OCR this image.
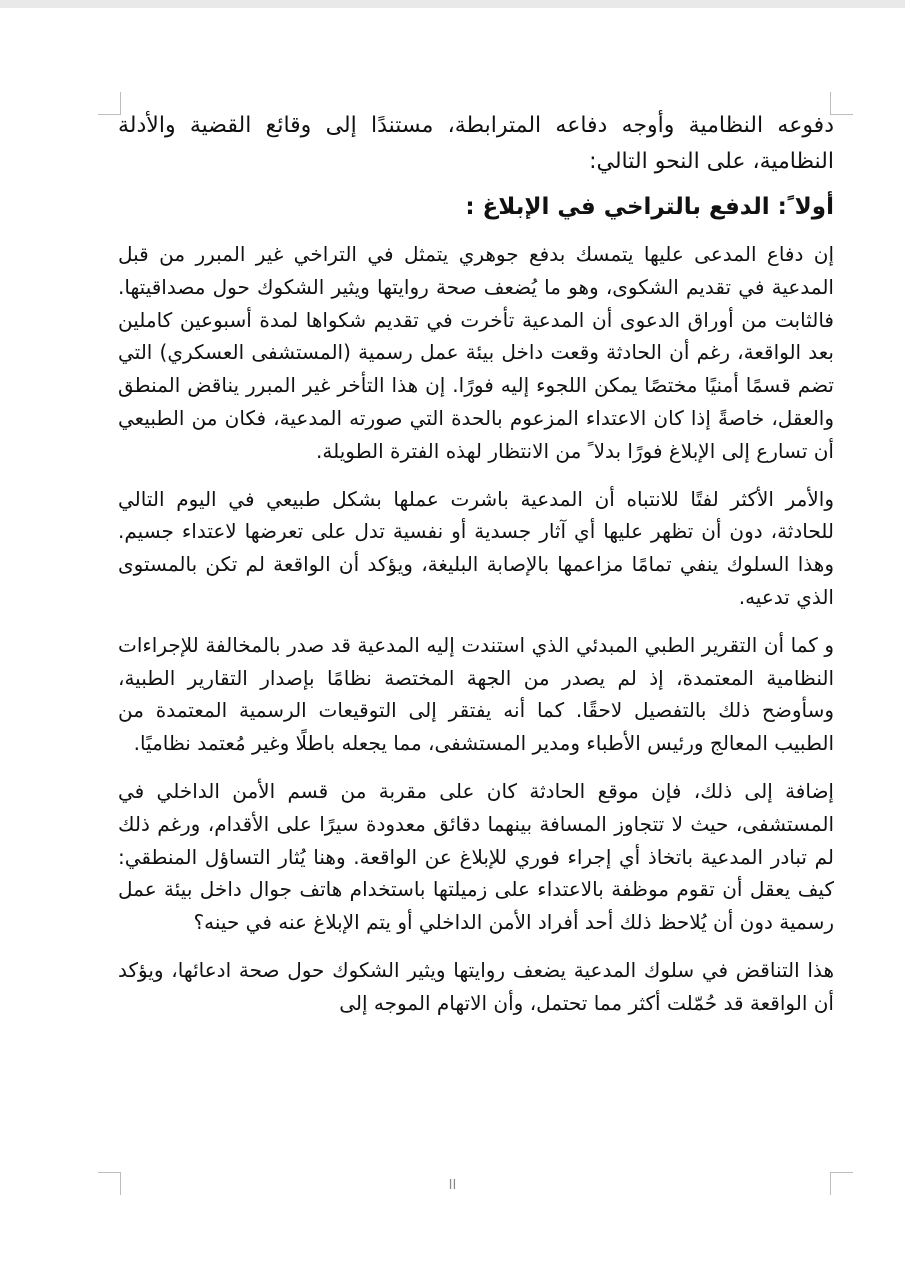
دفوعه النظامية وأوجه دفاعه المترابطة، مستندًا إلى وقائع القضية والأدلة النظامية، على النحو التالي:

أولا ً: الدفع بالتراخي في الإبلاغ :

إن دفاع المدعى عليها يتمسك بدفع جوهري يتمثل في التراخي غير المبرر من قبل المدعية في تقديم الشكوى، وهو ما يُضعف صحة روايتها ويثير الشكوك حول مصداقيتها. فالثابت من أوراق الدعوى أن المدعية تأخرت في تقديم شكواها لمدة أسبوعين كاملين بعد الواقعة، رغم أن الحادثة وقعت داخل بيئة عمل رسمية (المستشفى العسكري) التي تضم قسمًا أمنيًا مختصًا يمكن اللجوء إليه فورًا. إن هذا التأخر غير المبرر يناقض المنطق والعقل، خاصةً إذا كان الاعتداء المزعوم بالحدة التي صورته المدعية، فكان من الطبيعي أن تسارع إلى الإبلاغ فورًا بدلا ً من الانتظار لهذه الفترة الطويلة.

والأمر الأكثر لفتًا للانتباه أن المدعية باشرت عملها بشكل طبيعي في اليوم التالي للحادثة، دون أن تظهر عليها أي آثار جسدية أو نفسية تدل على تعرضها لاعتداء جسيم. وهذا السلوك ينفي تمامًا مزاعمها بالإصابة البليغة، ويؤكد أن الواقعة لم تكن بالمستوى الذي تدعيه.

و كما أن التقرير الطبي المبدئي الذي استندت إليه المدعية قد صدر بالمخالفة للإجراءات النظامية المعتمدة، إذ لم يصدر من الجهة المختصة نظامًا بإصدار التقارير الطبية، وسأوضح ذلك بالتفصيل لاحقًا. كما أنه يفتقر إلى التوقيعات الرسمية المعتمدة من الطبيب المعالج ورئيس الأطباء ومدير المستشفى، مما يجعله باطلًا وغير مُعتمد نظاميًا.

إضافة إلى ذلك، فإن موقع الحادثة كان على مقربة من قسم الأمن الداخلي في المستشفى، حيث لا تتجاوز المسافة بينهما دقائق معدودة سيرًا على الأقدام، ورغم ذلك لم تبادر المدعية باتخاذ أي إجراء فوري للإبلاغ عن الواقعة. وهنا يُثار التساؤل المنطقي: كيف يعقل أن تقوم موظفة بالاعتداء على زميلتها باستخدام هاتف جوال داخل بيئة عمل رسمية دون أن يُلاحظ ذلك أحد أفراد الأمن الداخلي أو يتم الإبلاغ عنه في حينه؟

هذا التناقض في سلوك المدعية يضعف روايتها ويثير الشكوك حول صحة ادعائها، ويؤكد أن الواقعة قد حُمّلت أكثر مما تحتمل، وأن الاتهام الموجه إلى

II
